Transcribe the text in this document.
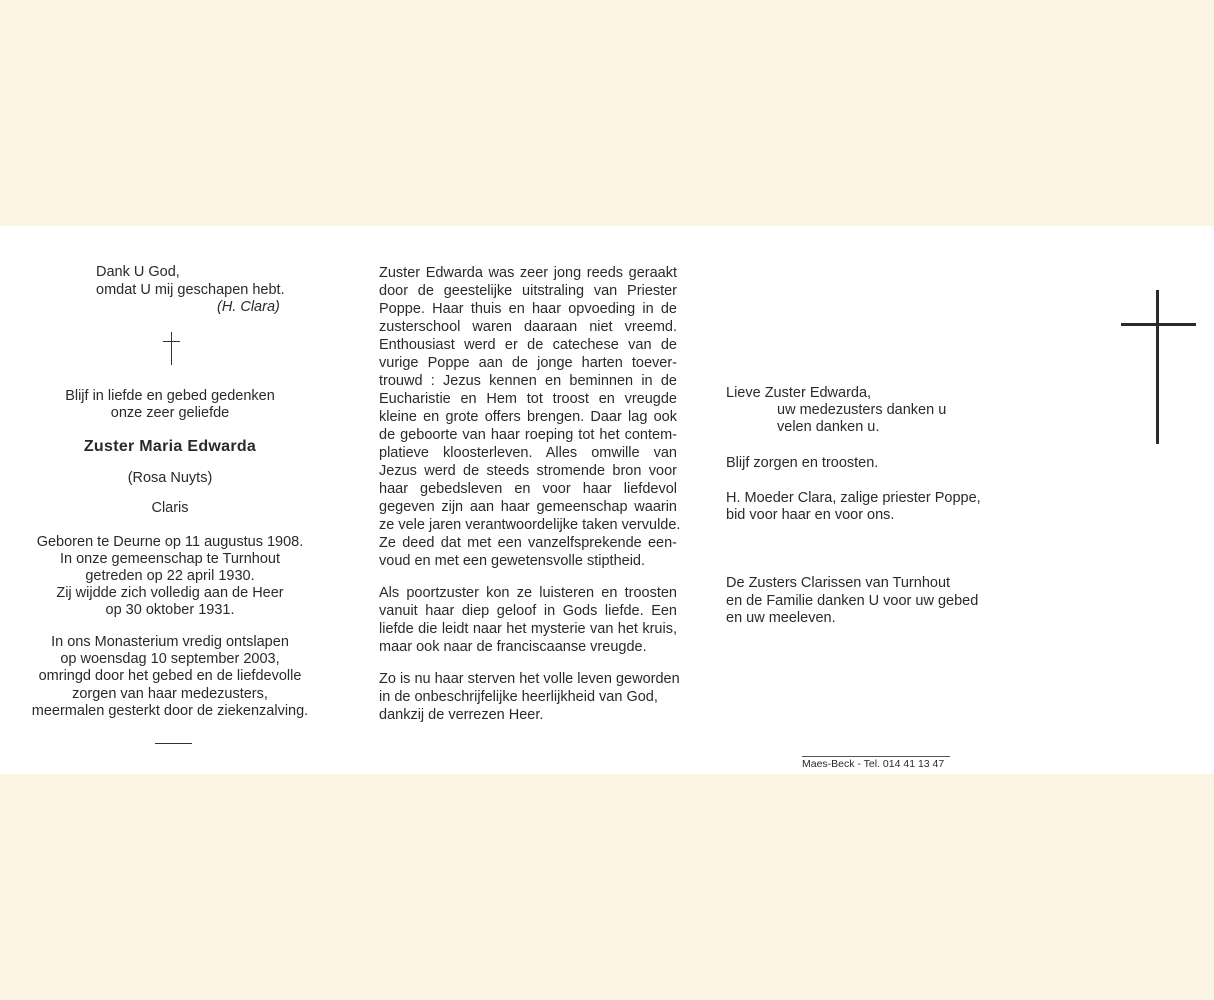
Dank U God,
omdat U mij geschapen hebt.
(H. Clara)
Blijf in liefde en gebed gedenken
onze zeer geliefde
Zuster Maria Edwarda
(Rosa Nuyts)
Claris
Geboren te Deurne op 11 augustus 1908.
In onze gemeenschap te Turnhout
getreden op 22 april 1930.
Zij wijdde zich volledig aan de Heer
op 30 oktober 1931.
In ons Monasterium vredig ontslapen
op woensdag 10 september 2003,
omringd door het gebed en de liefdevolle
zorgen van haar medezusters,
meermalen gesterkt door de ziekenzalving.
Zuster Edwarda was zeer jong reeds geraakt
door de geestelijke uitstraling van Priester
Poppe. Haar thuis en haar opvoeding in de
zusterschool waren daaraan niet vreemd.
Enthousiast werd er de catechese van de
vurige Poppe aan de jonge harten toever-
trouwd : Jezus kennen en beminnen in de
Eucharistie en Hem tot troost en vreugde
kleine en grote offers brengen. Daar lag ook
de geboorte van haar roeping tot het contem-
platieve kloosterleven. Alles omwille van
Jezus werd de steeds stromende bron voor
haar gebedsleven en voor haar liefdevol
gegeven zijn aan haar gemeenschap waarin
ze vele jaren verantwoordelijke taken vervulde.
Ze deed dat met een vanzelfsprekende een-
voud en met een gewetensvolle stiptheid.
Als poortzuster kon ze luisteren en troosten
vanuit haar diep geloof in Gods liefde. Een
liefde die leidt naar het mysterie van het kruis,
maar ook naar de franciscaanse vreugde.
Zo is nu haar sterven het volle leven geworden
in de onbeschrijfelijke heerlijkheid van God,
dankzij de verrezen Heer.
Lieve Zuster Edwarda,
uw medezusters danken u
velen danken u.
Blijf zorgen en troosten.
H. Moeder Clara, zalige priester Poppe,
bid voor haar en voor ons.
De Zusters Clarissen van Turnhout
en de Familie danken U voor uw gebed
en uw meeleven.
Maes-Beck - Tel. 014 41 13 47
